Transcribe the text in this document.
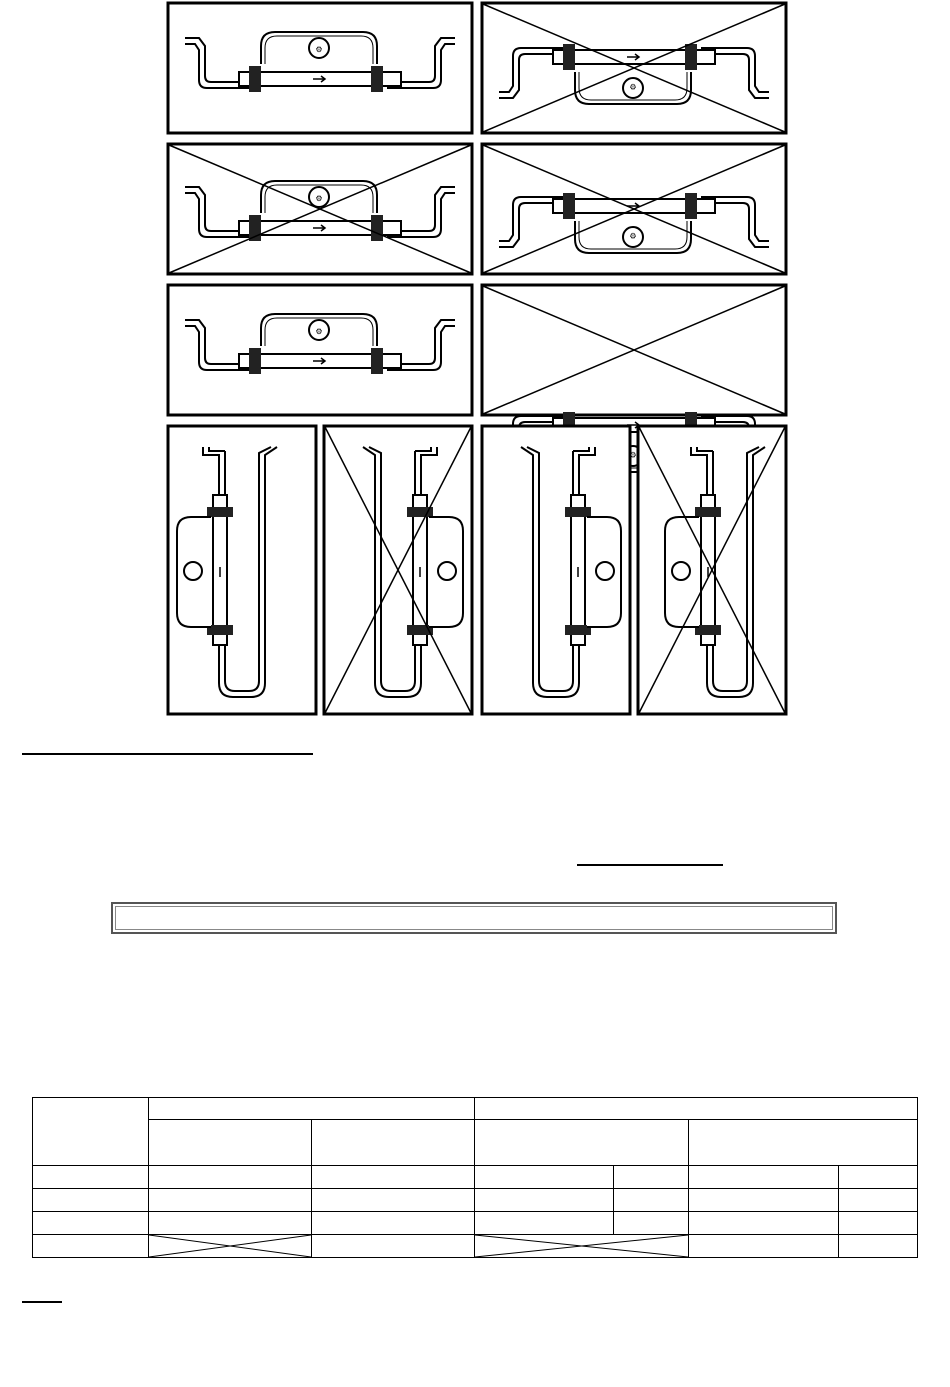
⚙
